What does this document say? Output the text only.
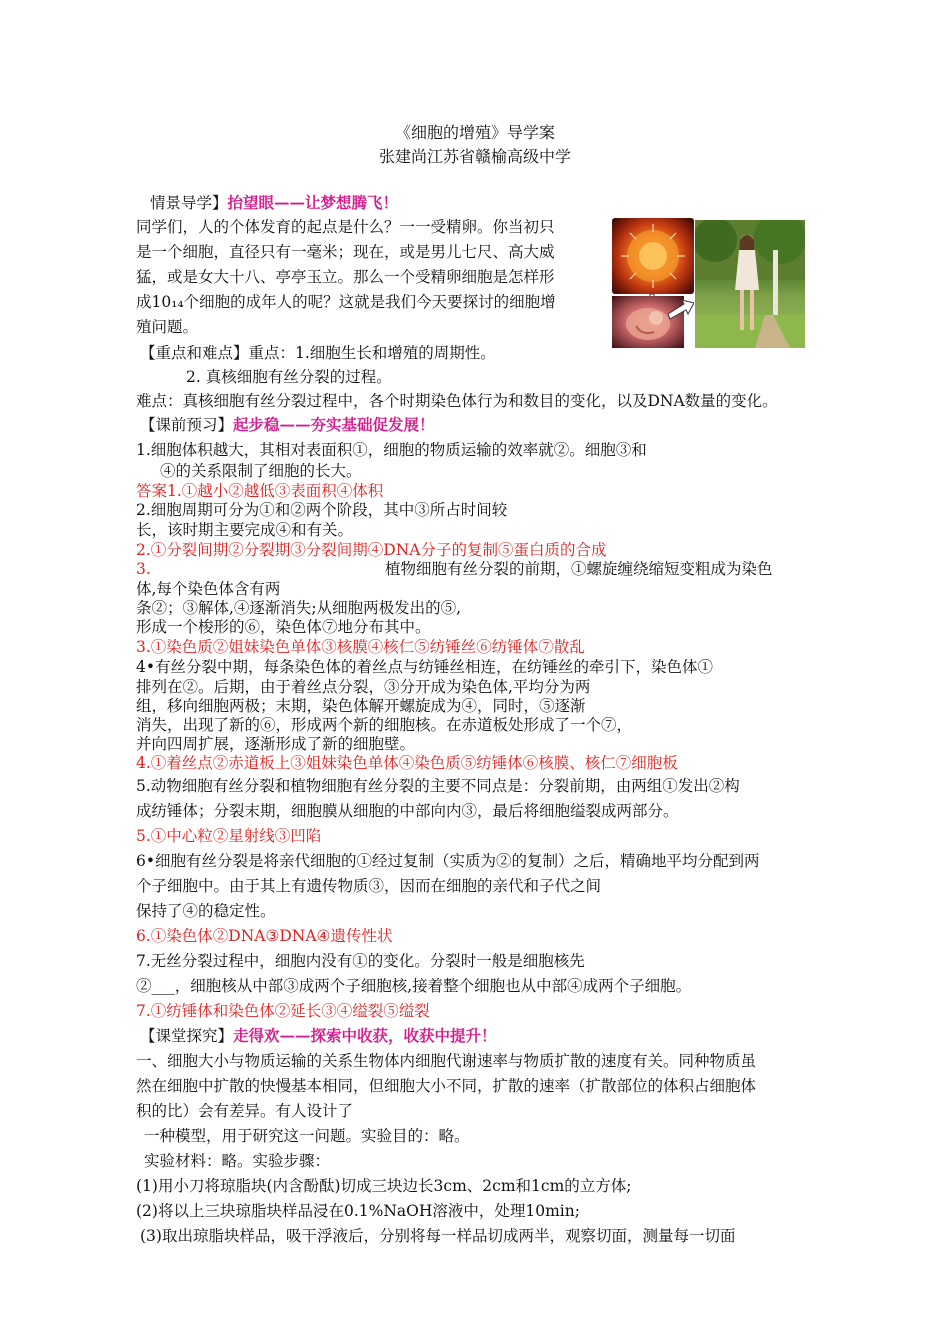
《细胞的增殖》导学案
张建尚江苏省赣榆高级中学
情景导学】抬望眼——让梦想腾飞！
同学们，人的个体发育的起点是什么？一一受精卵。你当初只
是一个细胞，直径只有一毫米；现在，或是男儿七尺、高大威
猛，或是女大十八、亭亭玉立。那么一个受精卵细胞是怎样形
成10₁₄个细胞的成年人的呢？这就是我们今天要探讨的细胞增
殖问题。
【重点和难点】重点：1.细胞生长和增殖的周期性。
2. 真核细胞有丝分裂的过程。
难点：真核细胞有丝分裂过程中，各个时期染色体行为和数目的变化，以及DNA数量的变化。
【课前预习】起步稳——夯实基础促发展！
1.细胞体积越大，其相对表面积①，细胞的物质运输的效率就②。细胞③和
④的关系限制了细胞的长大。
答案1.①越小②越低③表面积④体积
2.细胞周期可分为①和②两个阶段，其中③所占时间较
长，该时期主要完成④和有关。
2.①分裂间期②分裂期③分裂间期④DNA分子的复制⑤蛋白质的合成
3.	植物细胞有丝分裂的前期，①螺旋缠绕缩短变粗成为染色
体,每个染色体含有两
条②；③解体,④逐渐消失;从细胞两极发出的⑤,
形成一个梭形的⑥，染色体⑦地分布其中。
3.①染色质②姐妹染色单体③核膜④核仁⑤纺锤丝⑥纺锤体⑦散乱
4•有丝分裂中期，每条染色体的着丝点与纺锤丝相连，在纺锤丝的牵引下，染色体①
排列在②。后期，由于着丝点分裂，③分开成为染色体,平均分为两
组，移向细胞两极；末期，染色体解开螺旋成为④，同时，⑤逐渐
消失，出现了新的⑥，形成两个新的细胞核。在赤道板处形成了一个⑦，
并向四周扩展，逐渐形成了新的细胞壁。
4.①着丝点②赤道板上③姐妹染色单体④染色质⑤纺锤体⑥核膜、核仁⑦细胞板
5.动物细胞有丝分裂和植物细胞有丝分裂的主要不同点是：分裂前期，由两组①发出②构
成纺锤体；分裂末期，细胞膜从细胞的中部向内③，最后将细胞缢裂成两部分。
5.①中心粒②星射线③凹陷
6•细胞有丝分裂是将亲代细胞的①经过复制（实质为②的复制）之后，精确地平均分配到两
个子细胞中。由于其上有遗传物质③，因而在细胞的亲代和子代之间
保持了④的稳定性。
6.①染色体②DNA③DNA④遗传性状
7.无丝分裂过程中，细胞内没有①的变化。分裂时一般是细胞核先
②___，细胞核从中部③成两个子细胞核,接着整个细胞也从中部④成两个子细胞。
7.①纺锤体和染色体②延长③④缢裂⑤缢裂
【课堂探究】走得欢——探索中收获，收获中提升！
一、细胞大小与物质运输的关系生物体内细胞代谢速率与物质扩散的速度有关。同种物质虽
然在细胞中扩散的快慢基本相同，但细胞大小不同，扩散的速率（扩散部位的体积占细胞体
积的比）会有差异。有人设计了
一种模型，用于研究这一问题。实验目的：略。
实验材料：略。实验步骤：
(1)用小刀将琼脂块(内含酚酞)切成三块边长3cm、2cm和1cm的立方体;
(2)将以上三块琼脂块样品浸在0.1%NaOH溶液中，处理10min;
(3)取出琼脂块样品，吸干浮液后，分别将每一样品切成两半，观察切面，测量每一切面
